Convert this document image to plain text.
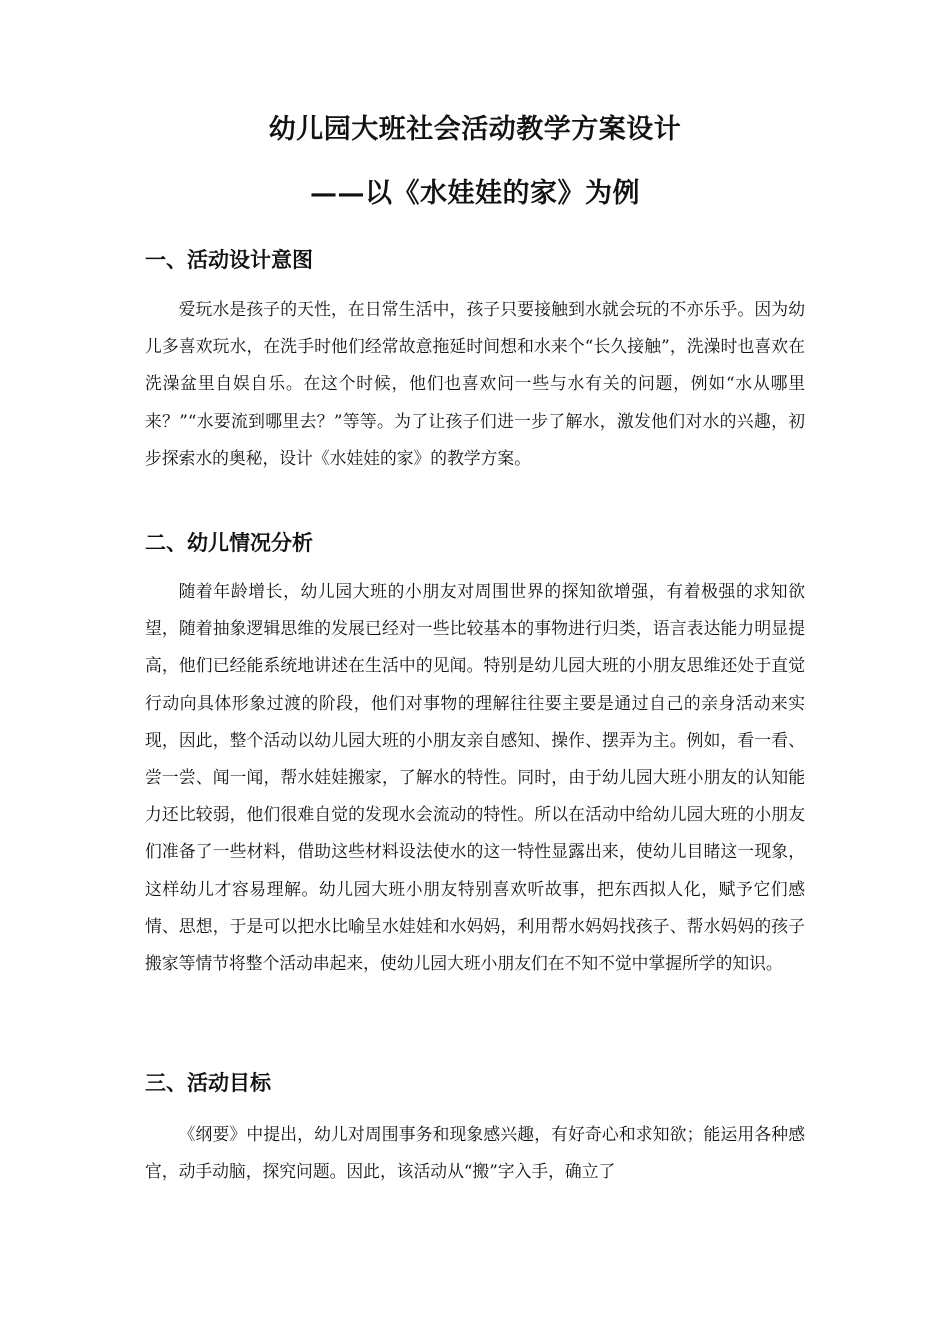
幼儿园大班社会活动教学方案设计
——以《水娃娃的家》为例
一、活动设计意图

爱玩水是孩子的天性，在日常生活中，孩子只要接触到水就会玩的不亦乐乎。因为幼儿多喜欢玩水，在洗手时他们经常故意拖延时间想和水来个“长久接触”，洗澡时也喜欢在洗澡盆里自娱自乐。在这个时候，他们也喜欢问一些与水有关的问题，例如“水从哪里来？”“水要流到哪里去？”等等。为了让孩子们进一步了解水，激发他们对水的兴趣，初步探索水的奥秘，设计《水娃娃的家》的教学方案。

二、幼儿情况分析

随着年龄增长，幼儿园大班的小朋友对周围世界的探知欲增强，有着极强的求知欲望，随着抽象逻辑思维的发展已经对一些比较基本的事物进行归类，语言表达能力明显提高，他们已经能系统地讲述在生活中的见闻。特别是幼儿园大班的小朋友思维还处于直觉行动向具体形象过渡的阶段，他们对事物的理解往往要主要是通过自己的亲身活动来实现，因此，整个活动以幼儿园大班的小朋友亲自感知、操作、摆弄为主。例如，看一看、尝一尝、闻一闻，帮水娃娃搬家，了解水的特性。同时，由于幼儿园大班小朋友的认知能力还比较弱，他们很难自觉的发现水会流动的特性。所以在活动中给幼儿园大班的小朋友们准备了一些材料，借助这些材料设法使水的这一特性显露出来，使幼儿目睹这一现象，这样幼儿才容易理解。幼儿园大班小朋友特别喜欢听故事，把东西拟人化，赋予它们感情、思想，于是可以把水比喻呈水娃娃和水妈妈，利用帮水妈妈找孩子、帮水妈妈的孩子搬家等情节将整个活动串起来，使幼儿园大班小朋友们在不知不觉中掌握所学的知识。

三、活动目标

《纲要》中提出，幼儿对周围事务和现象感兴趣，有好奇心和求知欲；能运用各种感官，动手动脑，探究问题。因此，该活动从“搬”字入手，确立了
